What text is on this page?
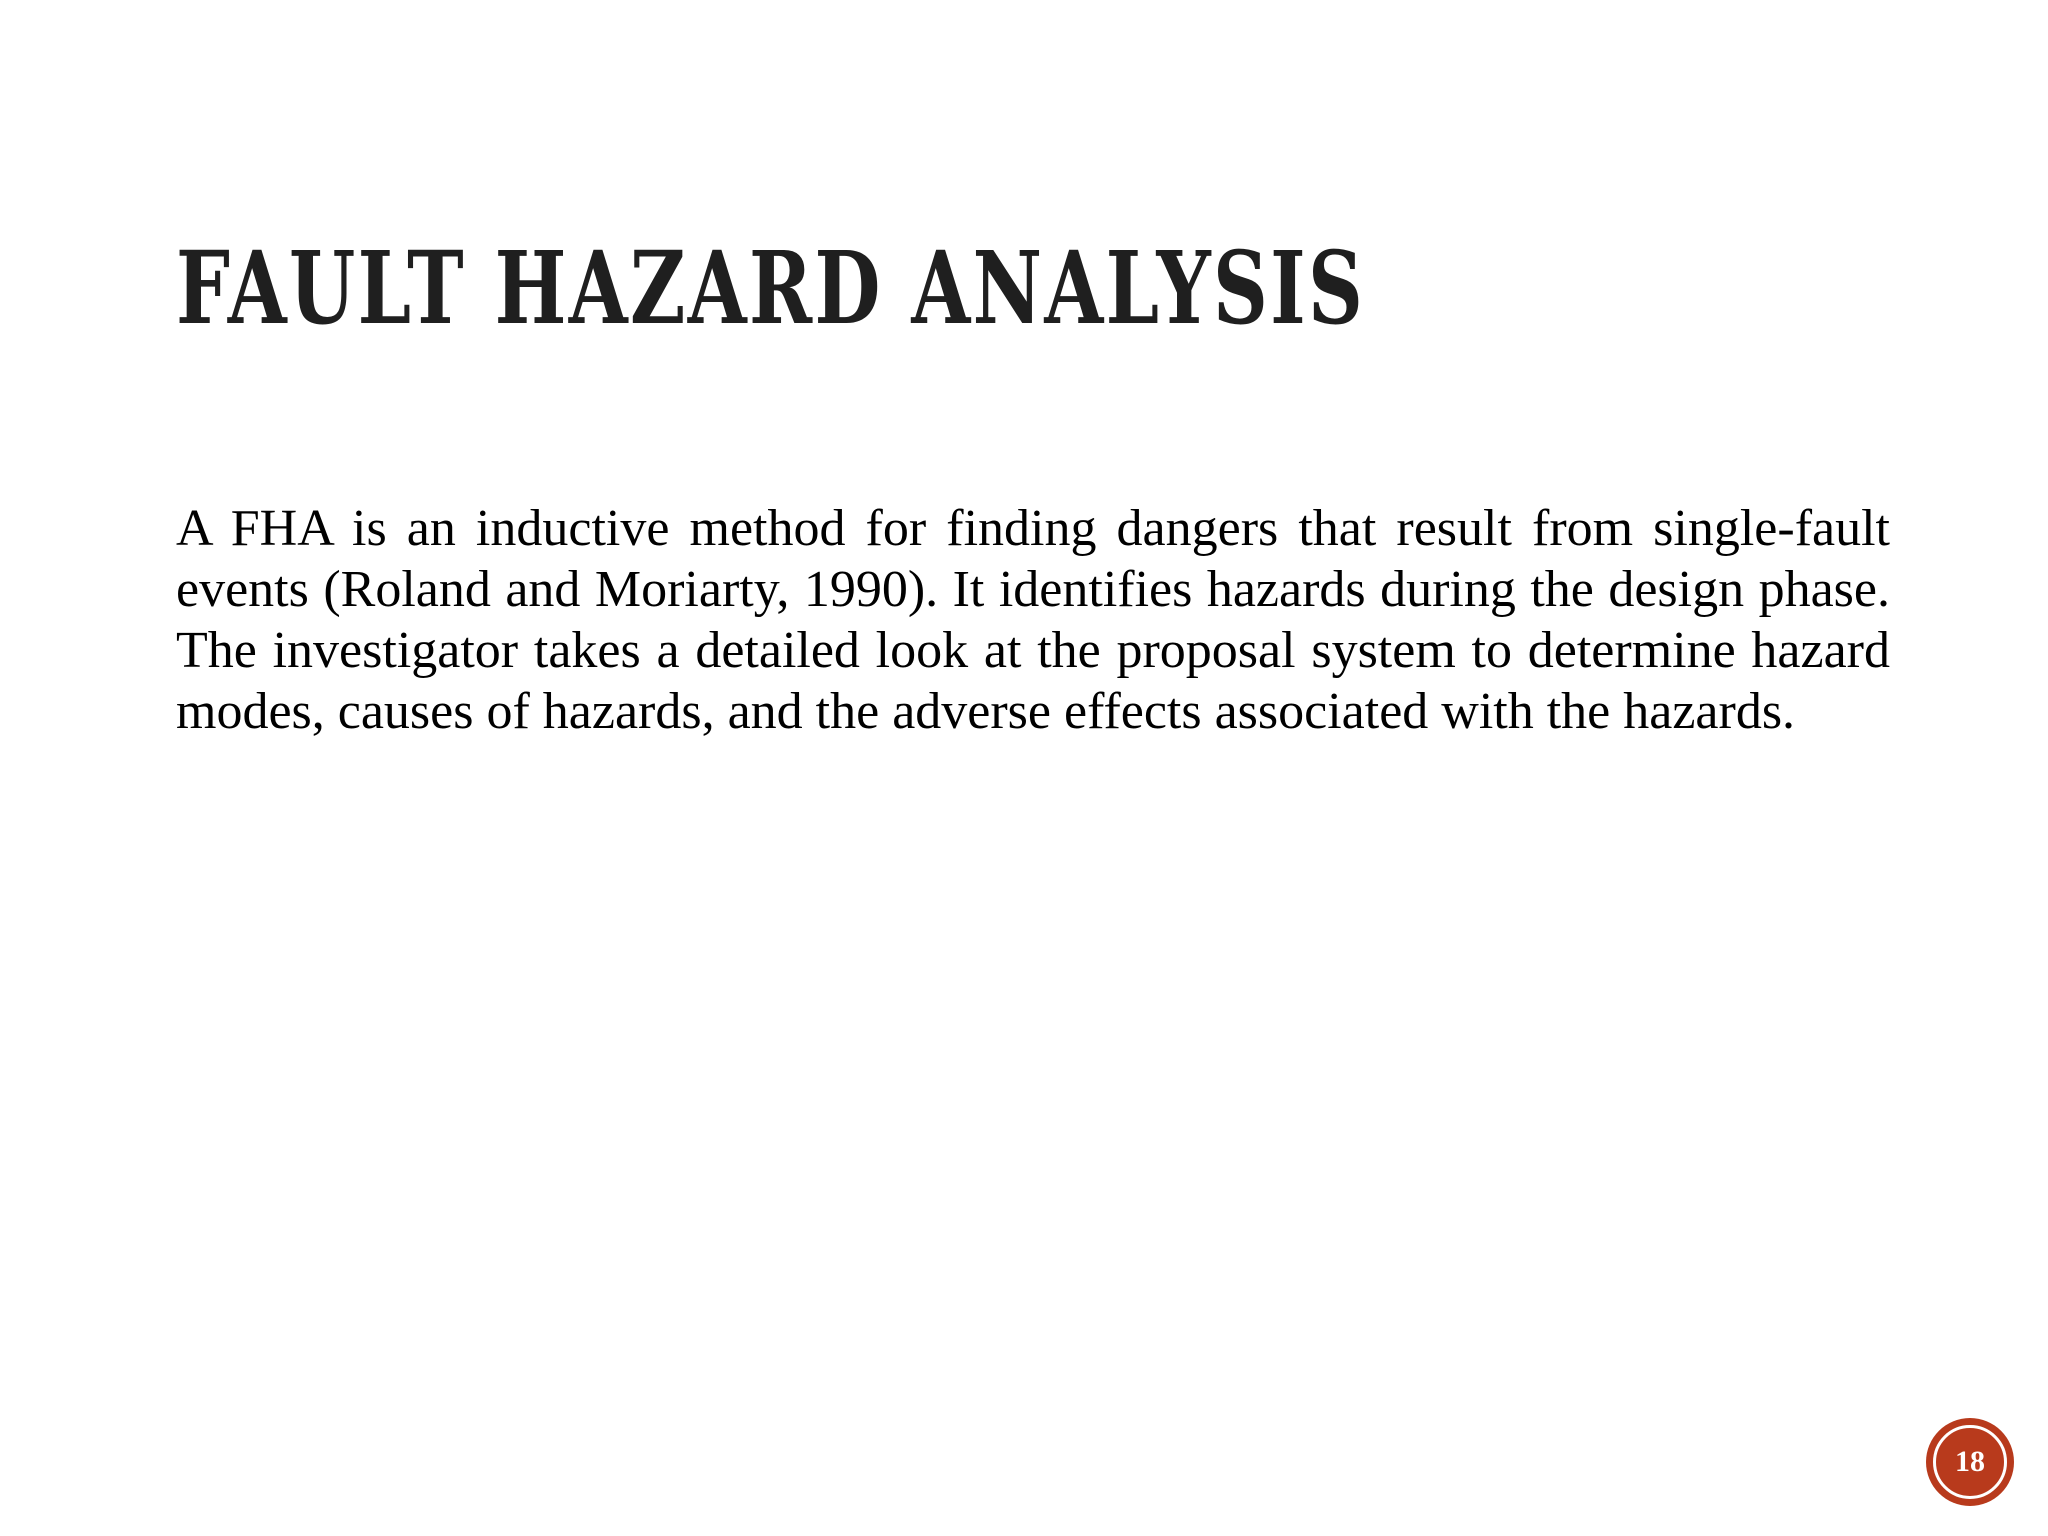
FAULT HAZARD ANALYSIS

A FHA is an inductive method for finding dangers that result from single-fault events (Roland and Moriarty, 1990). It identifies hazards during the design phase. The investigator takes a detailed look at the proposal system to determine hazard modes, causes of hazards, and the adverse effects associated with the hazards.

18
